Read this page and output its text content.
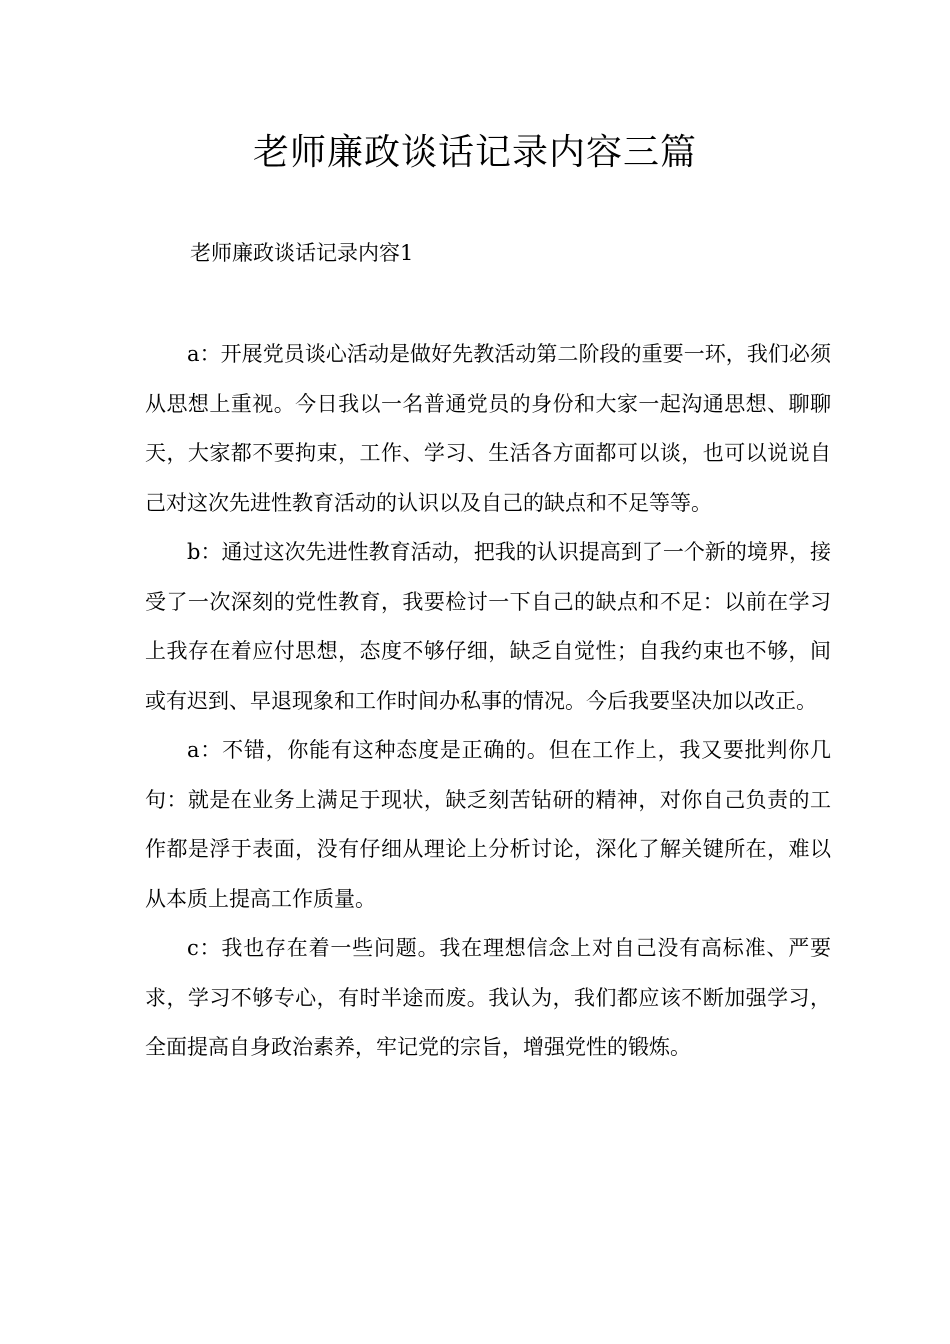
老师廉政谈话记录内容三篇

老师廉政谈话记录内容1

a：开展党员谈心活动是做好先教活动第二阶段的重要一环，我们必须从思想上重视。今日我以一名普通党员的身份和大家一起沟通思想、聊聊天，大家都不要拘束，工作、学习、生活各方面都可以谈，也可以说说自己对这次先进性教育活动的认识以及自己的缺点和不足等等。

b：通过这次先进性教育活动，把我的认识提高到了一个新的境界，接受了一次深刻的党性教育，我要检讨一下自己的缺点和不足：以前在学习上我存在着应付思想，态度不够仔细，缺乏自觉性；自我约束也不够，间或有迟到、早退现象和工作时间办私事的情况。今后我要坚决加以改正。

a：不错，你能有这种态度是正确的。但在工作上，我又要批判你几句：就是在业务上满足于现状，缺乏刻苦钻研的精神，对你自己负责的工作都是浮于表面，没有仔细从理论上分析讨论，深化了解关键所在，难以从本质上提高工作质量。

c：我也存在着一些问题。我在理想信念上对自己没有高标准、严要求，学习不够专心，有时半途而废。我认为，我们都应该不断加强学习，全面提高自身政治素养，牢记党的宗旨，增强党性的锻炼。
